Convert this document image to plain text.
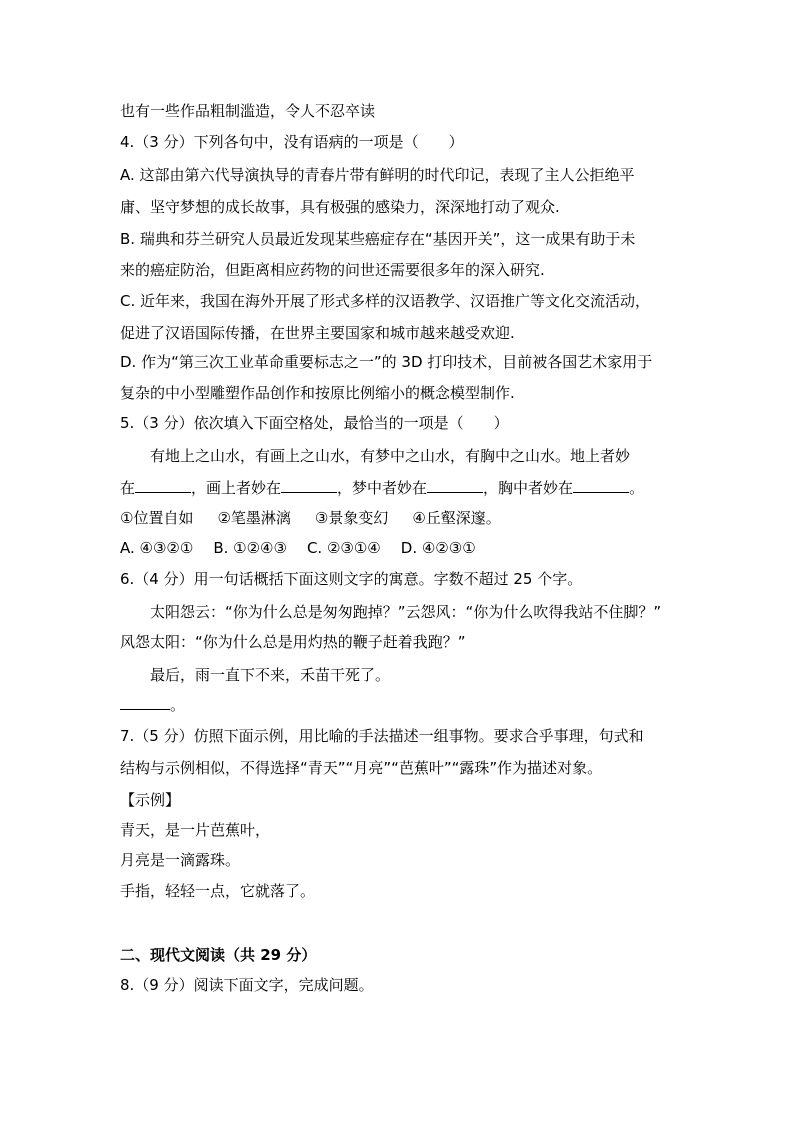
也有一些作品粗制滥造，令人不忍卒读
4.（3 分）下列各句中，没有语病的一项是（　　）
A. 这部由第六代导演执导的青春片带有鲜明的时代印记，表现了主人公拒绝平
庸、坚守梦想的成长故事，具有极强的感染力，深深地打动了观众.
B. 瑞典和芬兰研究人员最近发现某些癌症存在“基因开关”，这一成果有助于未
来的癌症防治，但距离相应药物的问世还需要很多年的深入研究.
C. 近年来，我国在海外开展了形式多样的汉语教学、汉语推广等文化交流活动，
促进了汉语国际传播，在世界主要国家和城市越来越受欢迎.
D. 作为“第三次工业革命重要标志之一”的 3D 打印技术，目前被各国艺术家用于
复杂的中小型雕塑作品创作和按原比例缩小的概念模型制作.
5.（3 分）依次填入下面空格处，最恰当的一项是（　　）
有地上之山水，有画上之山水，有梦中之山水，有胸中之山水。地上者妙
在	，画上者妙在	，梦中者妙在	，胸中者妙在	。
①位置自如 ②笔墨淋漓 ③景象变幻 ④丘壑深邃。
A. ④③②① B. ①②④③ C. ②③①④ D. ④②③①
6.（4 分）用一句话概括下面这则文字的寓意。字数不超过 25 个字。
太阳怨云：“你为什么总是匆匆跑掉？”云怨风：“你为什么吹得我站不住脚？”
风怨太阳：“你为什么总是用灼热的鞭子赶着我跑？”
最后，雨一直下不来，禾苗干死了。
。
7.（5 分）仿照下面示例，用比喻的手法描述一组事物。要求合乎事理，句式和
结构与示例相似，不得选择“青天”“月亮”“芭蕉叶”“露珠”作为描述对象。
【示例】
青天，是一片芭蕉叶，
月亮是一滴露珠。
手指，轻轻一点，它就落了。
二、现代文阅读（共 29 分）
8.（9 分）阅读下面文字，完成问题。
